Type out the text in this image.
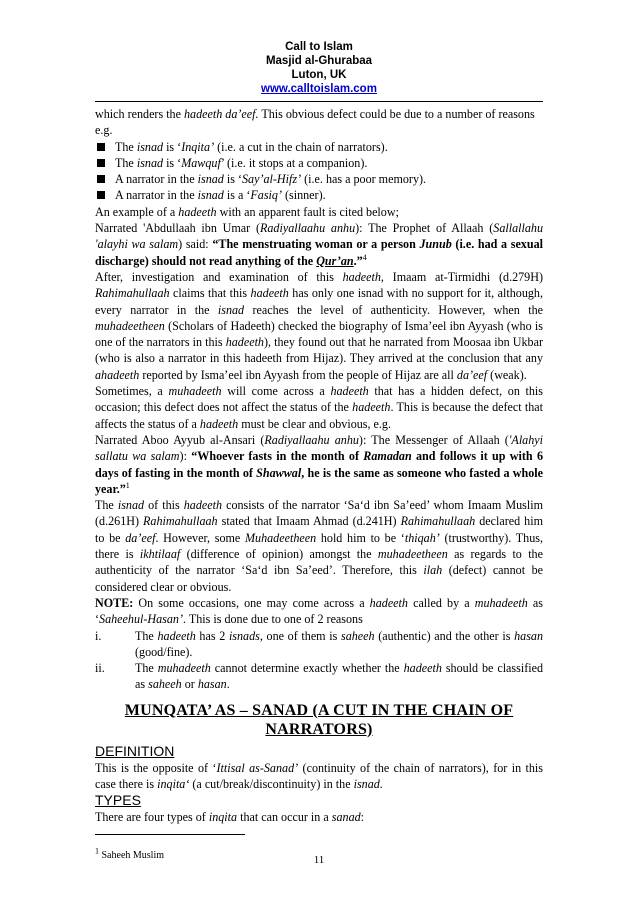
Call to Islam
Masjid al-Ghurabaa
Luton, UK
www.calltoislam.com

which renders the hadeeth da’eef. This obvious defect could be due to a number of reasons e.g.

The isnad is ‘Inqita’ (i.e. a cut in the chain of narrators).

The isnad is ‘Mawquf’ (i.e. it stops at a companion).

A narrator in the isnad is ‘Say’al-Hifz’ (i.e. has a poor memory).

A narrator in the isnad is a ‘Fasiq’ (sinner).

An example of a hadeeth with an apparent fault is cited below;

Narrated 'Abdullaah ibn Umar (Radiyallaahu anhu): The Prophet of Allaah (Sallallahu 'alayhi wa salam) said: “The menstruating woman or a person Junub (i.e. had a sexual discharge) should not read anything of the Qur’an.”$^4$

After, investigation and examination of this hadeeth, Imaam at-Tirmidhi (d.279H) Rahimahullaah claims that this hadeeth has only one isnad with no support for it, although, every narrator in the isnad reaches the level of authenticity. However, when the muhadeetheen (Scholars of Hadeeth) checked the biography of Isma’eel ibn Ayyash (who is one of the narrators in this hadeeth), they found out that he narrated from Moosaa ibn Ukbar (who is also a narrator in this hadeeth from Hijaz). They arrived at the conclusion that any ahadeeth reported by Isma’eel ibn Ayyash from the people of Hijaz are all da’eef (weak).

Sometimes, a muhadeeth will come across a hadeeth that has a hidden defect, on this occasion; this defect does not affect the status of the hadeeth. This is because the defect that affects the status of a hadeeth must be clear and obvious, e.g.

Narrated Aboo Ayyub al-Ansari (Radiyallaahu anhu): The Messenger of Allaah ('Alahyi sallatu wa salam): “Whoever fasts in the month of Ramadan and follows it up with 6 days of fasting in the month of Shawwal, he is the same as someone who fasted a whole year.”$^1$

The isnad of this hadeeth consists of the narrator ‘Sa‘d ibn Sa’eed’ whom Imaam Muslim (d.261H) Rahimahullaah stated that Imaam Ahmad (d.241H) Rahimahullaah declared him to be da’eef. However, some Muhadeetheen hold him to be ‘thiqah’ (trustworthy). Thus, there is ikhtilaaf (difference of opinion) amongst the muhadeetheen as regards to the authenticity of the narrator ‘Sa‘d ibn Sa’eed’. Therefore, this ilah (defect) cannot be considered clear or obvious.

NOTE: On some occasions, one may come across a hadeeth called by a muhadeeth as ‘Saheehul-Hasan’. This is done due to one of 2 reasons

i.	The hadeeth has 2 isnads, one of them is saheeh (authentic) and the other is hasan (good/fine).

ii.	The muhadeeth cannot determine exactly whether the hadeeth should be classified as saheeh or hasan.

MUNQATA’ AS – SANAD (A CUT IN THE CHAIN OF NARRATORS)

DEFINITION

This is the opposite of ‘Ittisal as-Sanad’ (continuity of the chain of narrators), for in this case there is inqita‘ (a cut/break/discontinuity) in the isnad.

TYPES

There are four types of inqita that can occur in a sanad:

$^1$ Saheeh Muslim	11
